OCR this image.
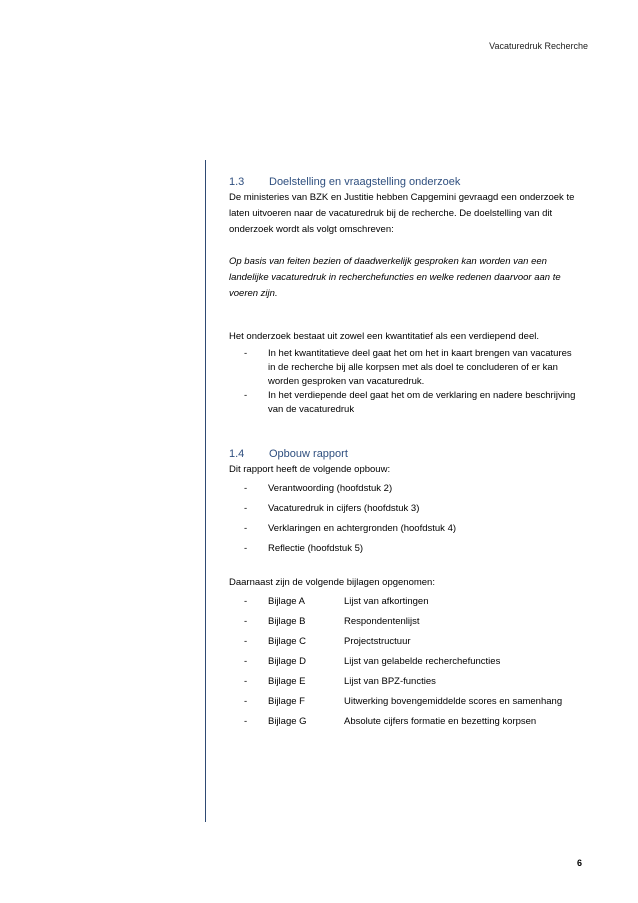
Vacaturedruk Recherche
1.3	Doelstelling en vraagstelling onderzoek

De ministeries van BZK en Justitie hebben Capgemini gevraagd een onderzoek te laten uitvoeren naar de vacaturedruk bij de recherche. De doelstelling van dit onderzoek wordt als volgt omschreven:

Op basis van feiten bezien of daadwerkelijk gesproken kan worden van een landelijke vacaturedruk in recherchefuncties en welke redenen daarvoor aan te voeren zijn.

Het onderzoek bestaat uit zowel een kwantitatief als een verdiepend deel.

-	In het kwantitatieve deel gaat het om het in kaart brengen van vacatures in de recherche bij alle korpsen met als doel te concluderen of er kan worden gesproken van vacaturedruk.
-	In het verdiepende deel gaat het om de verklaring en nadere beschrijving van de vacaturedruk
1.4	Opbouw rapport

Dit rapport heeft de volgende opbouw:

-	Verantwoording (hoofdstuk 2)
-	Vacaturedruk in cijfers (hoofdstuk 3)
-	Verklaringen en achtergronden (hoofdstuk 4)
-	Reflectie (hoofdstuk 5)

Daarnaast zijn de volgende bijlagen opgenomen:

-	Bijlage A	Lijst van afkortingen
-	Bijlage B	Respondentenlijst
-	Bijlage C	Projectstructuur
-	Bijlage D	Lijst van gelabelde recherchefuncties
-	Bijlage E	Lijst van BPZ-functies
-	Bijlage F	Uitwerking bovengemiddelde scores en samenhang
-	Bijlage G	Absolute cijfers formatie en bezetting korpsen
6
